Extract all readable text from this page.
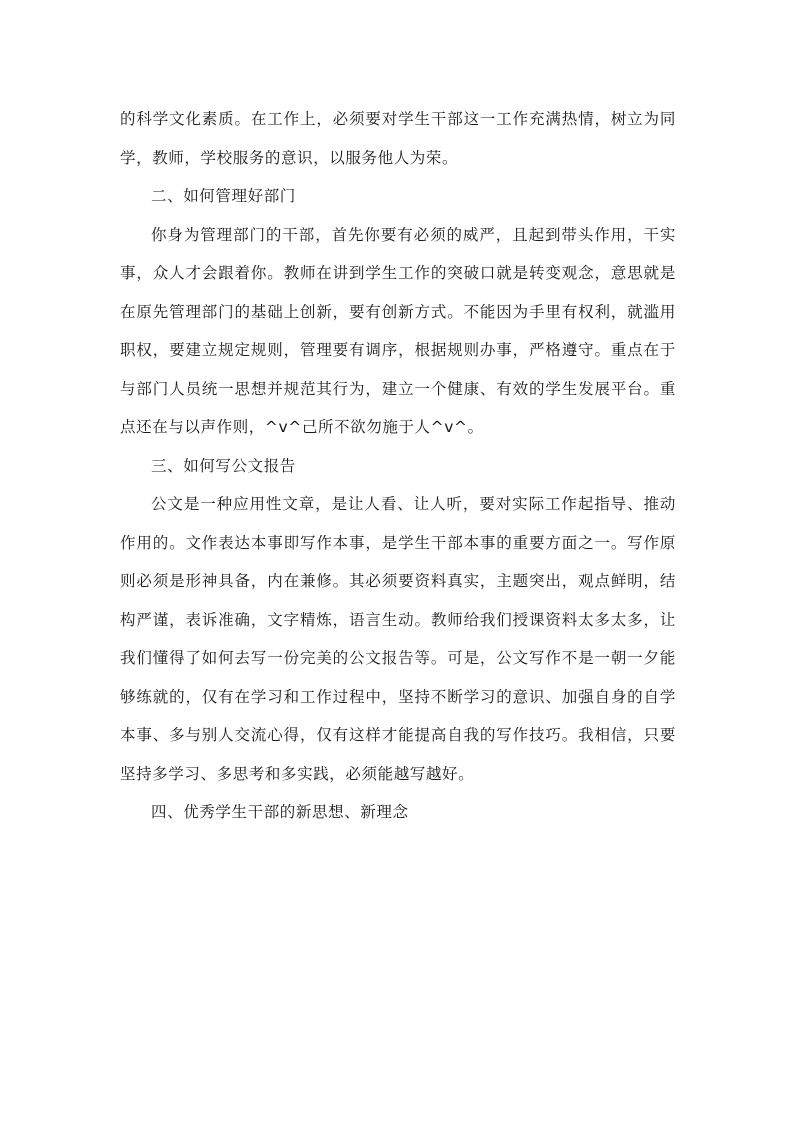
的科学文化素质。在工作上，必须要对学生干部这一工作充满热情，树立为同学，教师，学校服务的意识，以服务他人为荣。

二、如何管理好部门

你身为管理部门的干部，首先你要有必须的威严，且起到带头作用，干实事，众人才会跟着你。教师在讲到学生工作的突破口就是转变观念，意思就是在原先管理部门的基础上创新，要有创新方式。不能因为手里有权利，就滥用职权，要建立规定规则，管理要有调序，根据规则办事，严格遵守。重点在于与部门人员统一思想并规范其行为，建立一个健康、有效的学生发展平台。重点还在与以声作则，^v^己所不欲勿施于人^v^。

三、如何写公文报告

公文是一种应用性文章，是让人看、让人听，要对实际工作起指导、推动作用的。文作表达本事即写作本事，是学生干部本事的重要方面之一。写作原则必须是形神具备，内在兼修。其必须要资料真实，主题突出，观点鲜明，结构严谨，表诉准确，文字精炼，语言生动。教师给我们授课资料太多太多，让我们懂得了如何去写一份完美的公文报告等。可是，公文写作不是一朝一夕能够练就的，仅有在学习和工作过程中，坚持不断学习的意识、加强自身的自学本事、多与别人交流心得，仅有这样才能提高自我的写作技巧。我相信，只要坚持多学习、多思考和多实践，必须能越写越好。

四、优秀学生干部的新思想、新理念
